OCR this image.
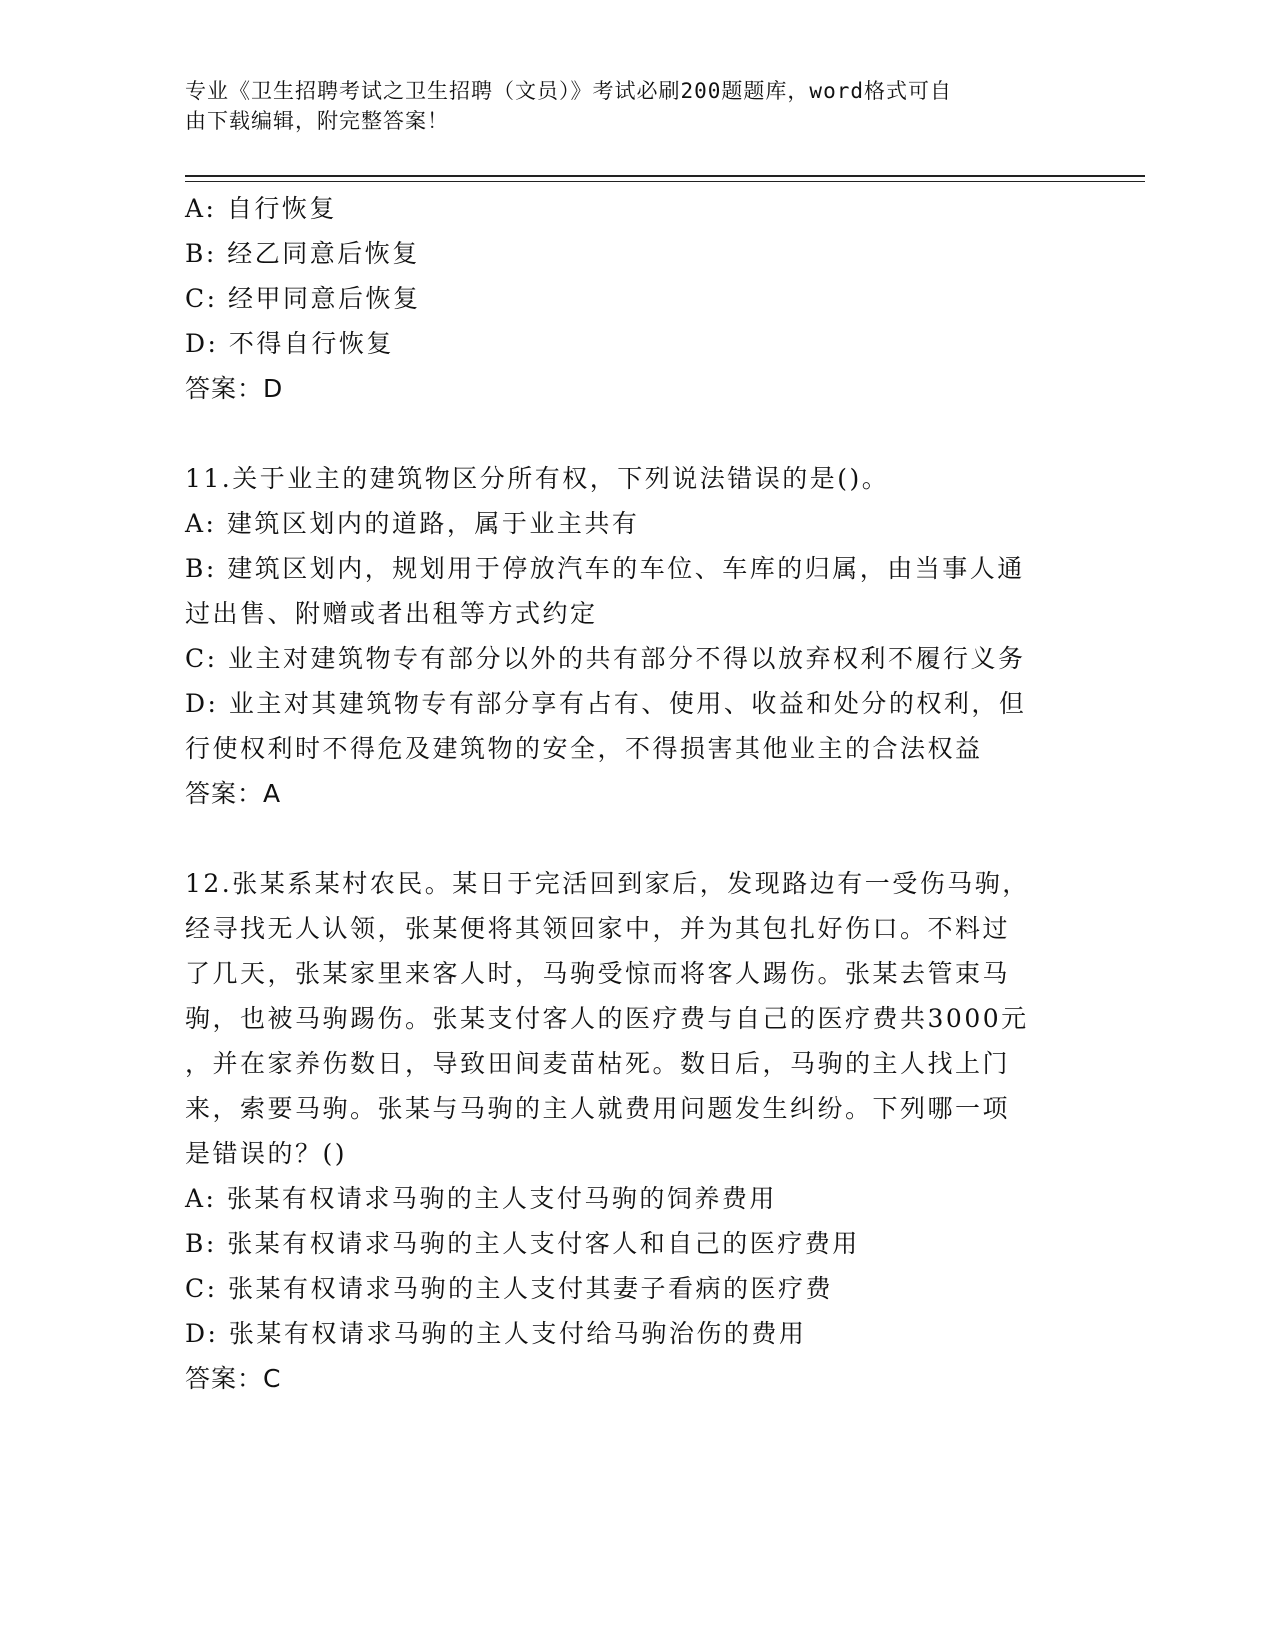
专业《卫生招聘考试之卫生招聘（文员）》考试必刷200题题库，word格式可自
由下载编辑，附完整答案！
A: 自行恢复
B: 经乙同意后恢复
C: 经甲同意后恢复
D: 不得自行恢复
答案：D
11.关于业主的建筑物区分所有权，下列说法错误的是()。
A: 建筑区划内的道路，属于业主共有
B: 建筑区划内，规划用于停放汽车的车位、车库的归属，由当事人通
过出售、附赠或者出租等方式约定
C: 业主对建筑物专有部分以外的共有部分不得以放弃权利不履行义务
D: 业主对其建筑物专有部分享有占有、使用、收益和处分的权利，但
行使权利时不得危及建筑物的安全，不得损害其他业主的合法权益
答案：A
12.张某系某村农民。某日于完活回到家后，发现路边有一受伤马驹，
经寻找无人认领，张某便将其领回家中，并为其包扎好伤口。不料过
了几天，张某家里来客人时，马驹受惊而将客人踢伤。张某去管束马
驹，也被马驹踢伤。张某支付客人的医疗费与自己的医疗费共3000元
，并在家养伤数日，导致田间麦苗枯死。数日后，马驹的主人找上门
来，索要马驹。张某与马驹的主人就费用问题发生纠纷。下列哪一项
是错误的？()
A: 张某有权请求马驹的主人支付马驹的饲养费用
B: 张某有权请求马驹的主人支付客人和自己的医疗费用
C: 张某有权请求马驹的主人支付其妻子看病的医疗费
D: 张某有权请求马驹的主人支付给马驹治伤的费用
答案：C
